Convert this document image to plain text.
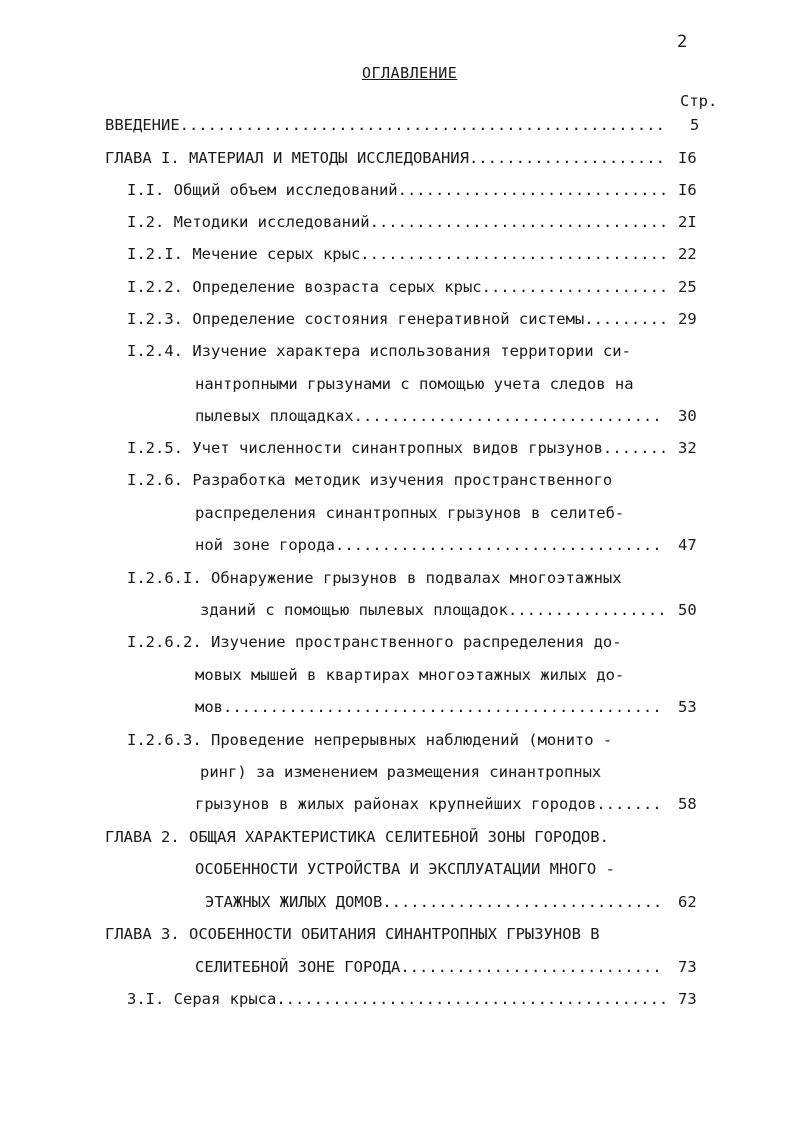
2
ОГЛАВЛЕНИЕ
Стр.
ВВЕДЕНИЕ .....	5
ГЛАВА I. МАТЕРИАЛ И МЕТОДЫ ИССЛЕДОВАНИЯ .....	I6
I.I. Общий объем исследований .....	I6
I.2. Методики исследований .....	2I
I.2.I. Мечение серых крыс .....	22
I.2.2. Определение возраста серых крыс .....	25
I.2.3. Определение состояния генеративной системы .....	29
I.2.4. Изучение характера использования территории си-
нантропными грызунами с помощью учета следов на
пылевых площадках .....	30
I.2.5. Учет численности синантропных видов грызунов .....	32
I.2.6. Разработка методик изучения пространственного
распределения синантропных грызунов в селитеб-
ной зоне города .....	47
I.2.6.I. Обнаружение грызунов в подвалах многоэтажных
зданий с помощью пылевых площадок .....	50
I.2.6.2. Изучение пространственного распределения до-
мовых мышей в квартирах многоэтажных жилых до-
мов .....	53
I.2.6.3. Проведение непрерывных наблюдений (монито -
ринг) за изменением размещения синантропных
грызунов в жилых районах крупнейших городов .....	58
ГЛАВА 2. ОБЩАЯ ХАРАКТЕРИСТИКА СЕЛИТЕБНОЙ ЗОНЫ ГОРОДОВ.
ОСОБЕННОСТИ УСТРОЙСТВА И ЭКСПЛУАТАЦИИ МНОГО -
ЭТАЖНЫХ ЖИЛЫХ ДОМОВ .....	62
ГЛАВА 3. ОСОБЕННОСТИ ОБИТАНИЯ СИНАНТРОПНЫХ ГРЫЗУНОВ В
СЕЛИТЕБНОЙ ЗОНЕ ГОРОДА .....	73
3.I. Серая крыса .....	73
